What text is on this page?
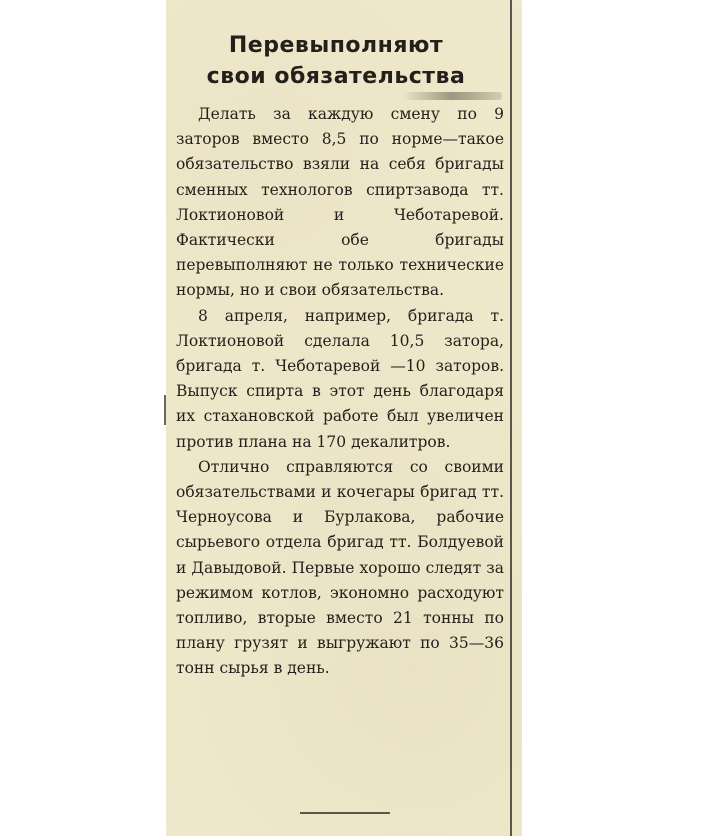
Перевыполняют
свои обязательства

Делать за каждую смену по 9 заторов вместо 8,5 по норме—такое обязательство взяли на себя бригады сменных технологов спиртзавода тт. Локтионовой и Чеботаревой. Фактически обе бригады перевыполняют не только технические нормы, но и свои обязательства.

8 апреля, например, бригада т. Локтионовой сделала 10,5 затора, бригада т. Чеботаревой —10 заторов. Выпуск спирта в этот день благодаря их стахановской работе был увеличен против плана на 170 декалитров.

Отлично справляются со своими обязательствами и кочегары бригад тт. Черноусова и Бурлакова, рабочие сырьевого отдела бригад тт. Болдуевой и Давыдовой. Первые хорошо следят за режимом котлов, экономно расходуют топливо, вторые вместо 21 тонны по плану грузят и выгружают по 35—36 тонн сырья в день.
